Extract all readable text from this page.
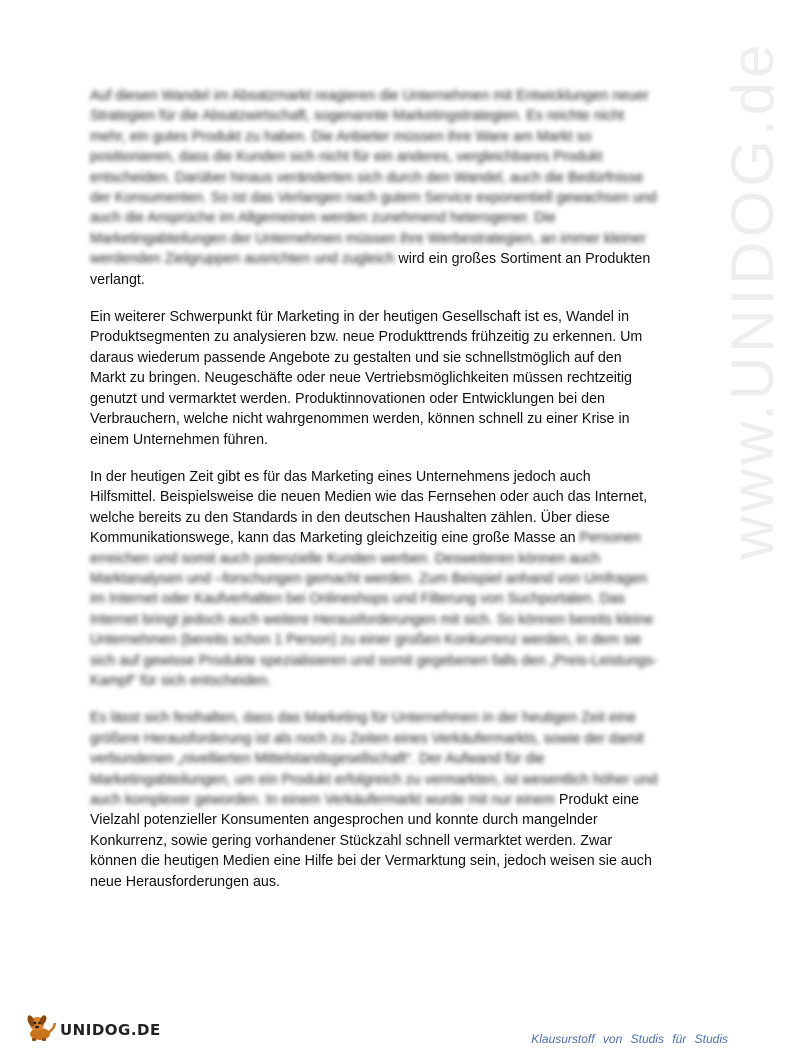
www.UNIDOG.de

Auf diesen Wandel im Absatzmarkt reagieren die Unternehmen mit Entwicklungen neuer Strategien für die Absatzwirtschaft, sogenannte Marketingstrategien. Es reichte nicht mehr, ein gutes Produkt zu haben. Die Anbieter müssen ihre Ware am Markt so positionieren, dass die Kunden sich nicht für ein anderes, vergleichbares Produkt entscheiden. Darüber hinaus veränderten sich durch den Wandel, auch die Bedürfnisse der Konsumenten. So ist das Verlangen nach gutem Service exponentiell gewachsen und auch die Ansprüche im Allgemeinen werden zunehmend heterogener. Die Marketingabteilungen der Unternehmen müssen ihre Werbestrategien, an immer kleiner werdenden Zielgruppen ausrichten und zugleich wird ein großes Sortiment an Produkten verlangt.

Ein weiterer Schwerpunkt für Marketing in der heutigen Gesellschaft ist es, Wandel in Produktsegmenten zu analysieren bzw. neue Produkttrends frühzeitig zu erkennen. Um daraus wiederum passende Angebote zu gestalten und sie schnellstmöglich auf den Markt zu bringen. Neugeschäfte oder neue Vertriebsmöglichkeiten müssen rechtzeitig genutzt und vermarktet werden. Produktinnovationen oder Entwicklungen bei den Verbrauchern, welche nicht wahrgenommen werden, können schnell zu einer Krise in einem Unternehmen führen.

In der heutigen Zeit gibt es für das Marketing eines Unternehmens jedoch auch Hilfsmittel. Beispielsweise die neuen Medien wie das Fernsehen oder auch das Internet, welche bereits zu den Standards in den deutschen Haushalten zählen. Über diese Kommunikationswege, kann das Marketing gleichzeitig eine große Masse an Personen erreichen und somit auch potenzielle Kunden werben. Desweiteren können auch Marktanalysen und –forschungen gemacht werden. Zum Beispiel anhand von Umfragen im Internet oder Kaufverhalten bei Onlineshops und Filterung von Suchportalen. Das Internet bringt jedoch auch weitere Herausforderungen mit sich. So können bereits kleine Unternehmen (bereits schon 1 Person) zu einer großen Konkurrenz werden, in dem sie sich auf gewisse Produkte spezialisieren und somit gegebenen falls den „Preis-Leistungs-Kampf“ für sich entscheiden.

Es lässt sich festhalten, dass das Marketing für Unternehmen in der heutigen Zeit eine größere Herausforderung ist als noch zu Zeiten eines Verkäufermarkts, sowie der damit verbundenen „nivellierten Mittelstandsgesellschaft“. Der Aufwand für die Marketingabteilungen, um ein Produkt erfolgreich zu vermarkten, ist wesentlich höher und auch komplexer geworden. In einem Verkäufermarkt wurde mit nur einem Produkt eine Vielzahl potenzieller Konsumenten angesprochen und konnte durch mangelnder Konkurrenz, sowie gering vorhandener Stückzahl schnell vermarktet werden. Zwar können die heutigen Medien eine Hilfe bei der Vermarktung sein, jedoch weisen sie auch neue Herausforderungen aus.

UNIDOG.DE	Klausurstoff von Studis für Studis
